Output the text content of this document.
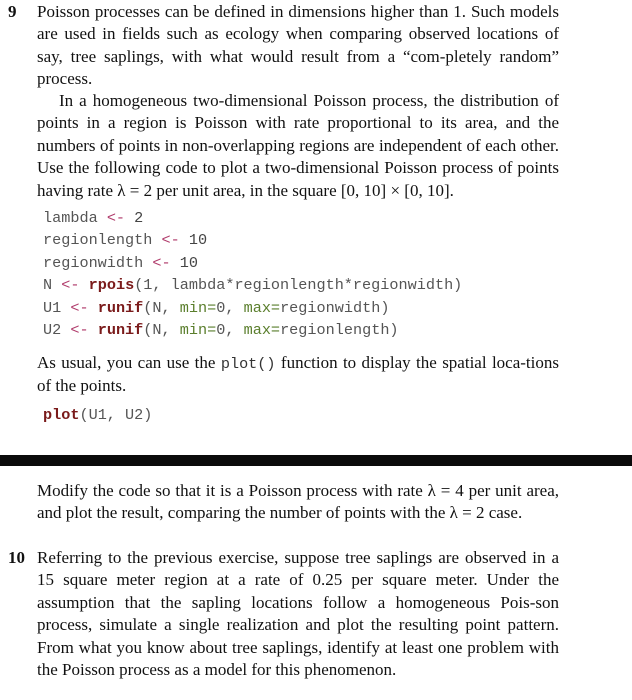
9 Poisson processes can be defined in dimensions higher than 1. Such models are used in fields such as ecology when comparing observed locations of say, tree saplings, with what would result from a “com-pletely random” process.

In a homogeneous two-dimensional Poisson process, the distribution of points in a region is Poisson with rate proportional to its area, and the numbers of points in non-overlapping regions are independent of each other. Use the following code to plot a two-dimensional Poisson process of points having rate λ = 2 per unit area, in the square [0, 10] × [0, 10].

lambda <- 2
regionlength <- 10
regionwidth <- 10
N <- rpois(1, lambda*regionlength*regionwidth)
U1 <- runif(N, min=0, max=regionwidth)
U2 <- runif(N, min=0, max=regionlength)

As usual, you can use the plot() function to display the spatial loca-tions of the points.

plot(U1, U2)

Modify the code so that it is a Poisson process with rate λ = 4 per unit area, and plot the result, comparing the number of points with the λ = 2 case.

10 Referring to the previous exercise, suppose tree saplings are observed in a 15 square meter region at a rate of 0.25 per square meter. Under the assumption that the sapling locations follow a homogeneous Pois-son process, simulate a single realization and plot the resulting point pattern. From what you know about tree saplings, identify at least one problem with the Poisson process as a model for this phenomenon.
